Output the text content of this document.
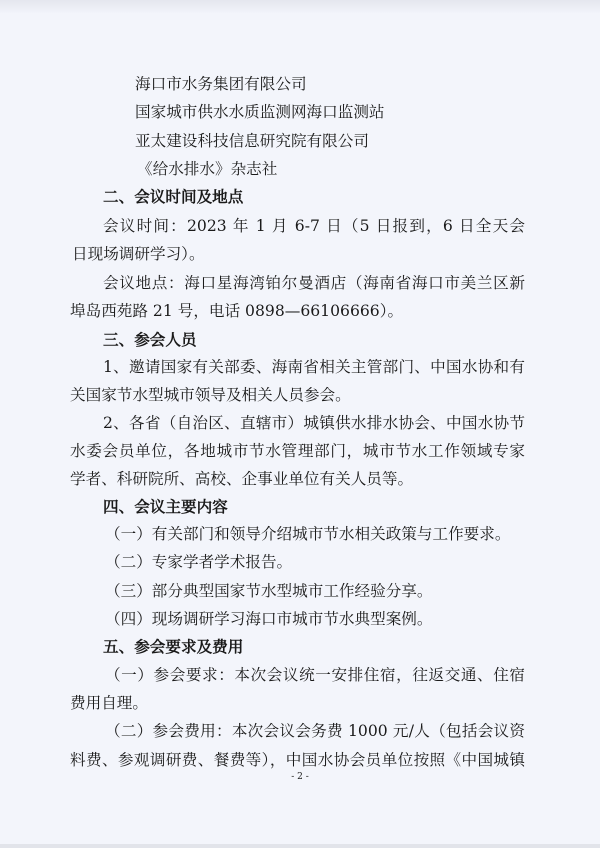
海口市水务集团有限公司
国家城市供水水质监测网海口监测站
亚太建设科技信息研究院有限公司
《给水排水》杂志社
二、会议时间及地点
会议时间：2023 年 1 月 6-7 日（5 日报到，6 日全天会
日现场调研学习）。
会议地点：海口星海湾铂尔曼酒店（海南省海口市美兰区新
埠岛西苑路 21 号，电话 0898—66106666）。
三、参会人员
1、邀请国家有关部委、海南省相关主管部门、中国水协和有
关国家节水型城市领导及相关人员参会。
2、各省（自治区、直辖市）城镇供水排水协会、中国水协节
水委会员单位，各地城市节水管理部门，城市节水工作领域专家
学者、科研院所、高校、企事业单位有关人员等。
四、会议主要内容
（一）有关部门和领导介绍城市节水相关政策与工作要求。
（二）专家学者学术报告。
（三）部分典型国家节水型城市工作经验分享。
（四）现场调研学习海口市城市节水典型案例。
五、参会要求及费用
（一）参会要求：本次会议统一安排住宿，往返交通、住宿
费用自理。
（二）参会费用：本次会议会务费 1000 元/人（包括会议资
料费、参观调研费、餐费等），中国水协会员单位按照《中国城镇
- 2 -
